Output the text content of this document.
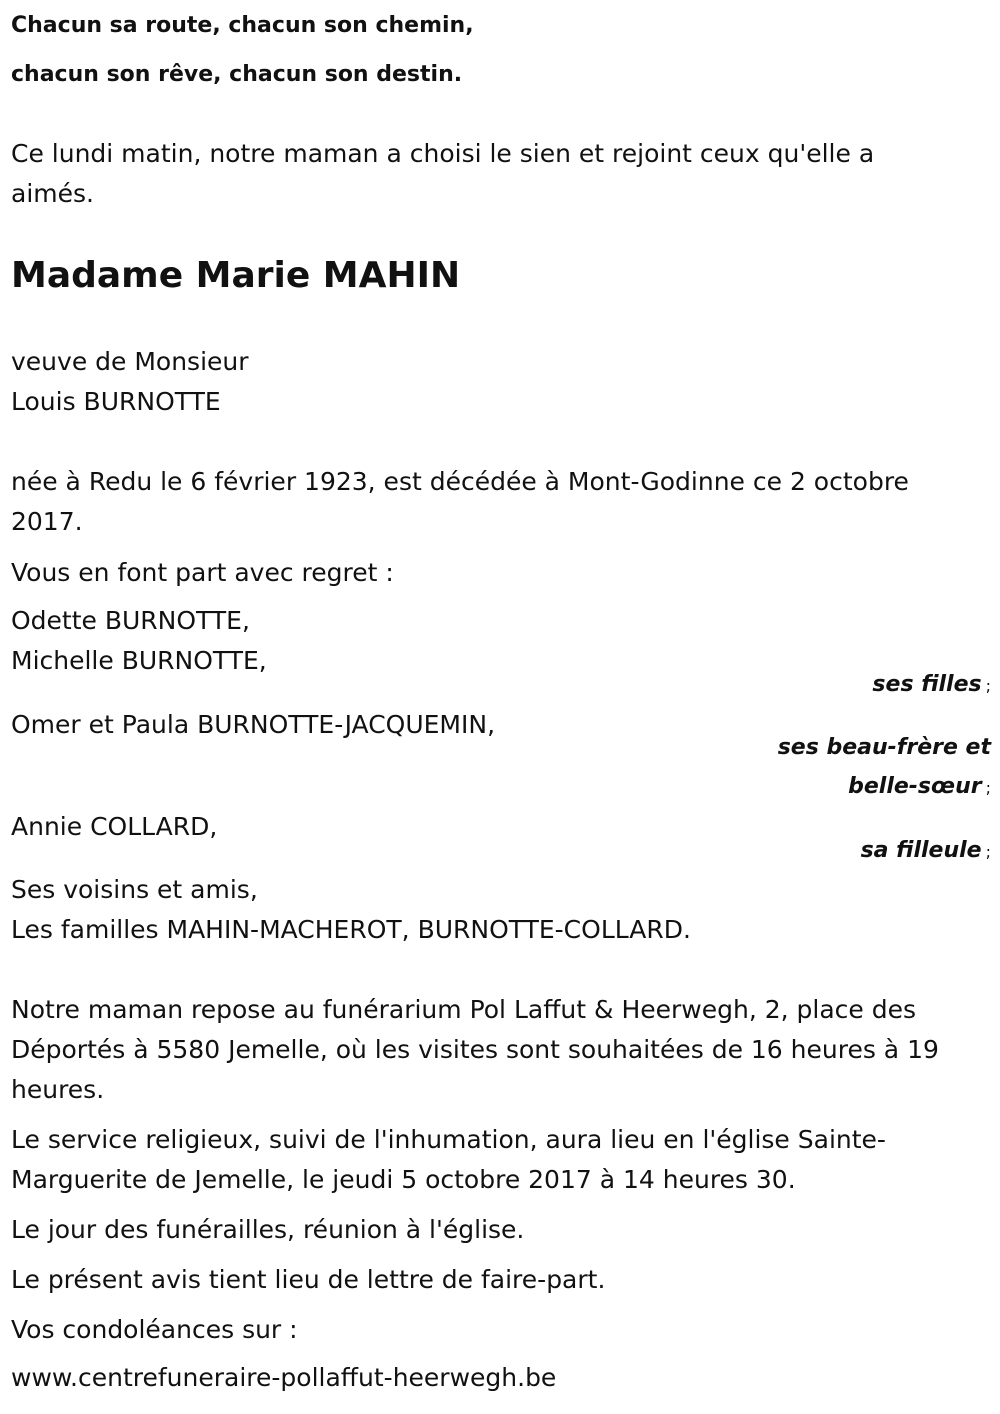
Chacun sa route, chacun son chemin,
chacun son rêve, chacun son destin.
Ce lundi matin, notre maman a choisi le sien et rejoint ceux qu'elle a
aimés.
Madame Marie MAHIN
veuve de Monsieur
Louis BURNOTTE
née à Redu le 6 février 1923, est décédée à Mont-Godinne ce 2 octobre
2017.
Vous en font part avec regret :
Odette BURNOTTE,
Michelle BURNOTTE,
ses filles ;
Omer et Paula BURNOTTE-JACQUEMIN,
ses beau-frère et
belle-sœur ;
Annie COLLARD,
sa filleule ;
Ses voisins et amis,
Les familles MAHIN-MACHEROT, BURNOTTE-COLLARD.
Notre maman repose au funérarium Pol Laffut & Heerwegh, 2, place des
Déportés à 5580 Jemelle, où les visites sont souhaitées de 16 heures à 19
heures.
Le service religieux, suivi de l'inhumation, aura lieu en l'église Sainte-
Marguerite de Jemelle, le jeudi 5 octobre 2017 à 14 heures 30.
Le jour des funérailles, réunion à l'église.
Le présent avis tient lieu de lettre de faire-part.
Vos condoléances sur :
www.centrefuneraire-pollaffut-heerwegh.be
